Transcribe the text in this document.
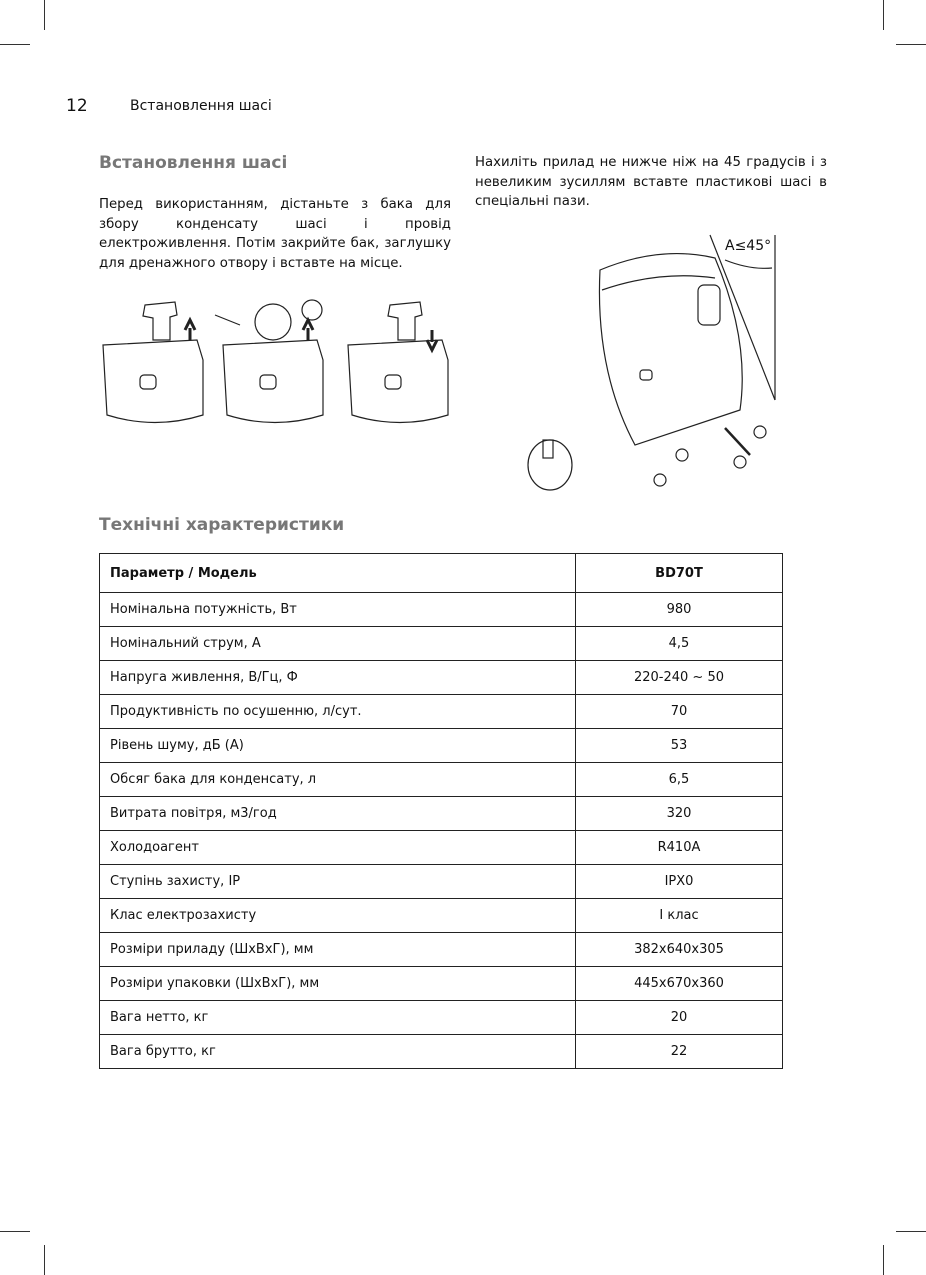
12	Встановлення шасі
Встановлення шасі
Перед використанням, дістаньте з бака для збору конденсату шасі і провід електроживлення. Потім закрийте бак, заглушку для дренажного отвору і вставте на місце.
Нахиліть прилад не нижче ніж на 45 градусів і з невеликим зусиллям вставте пластикові шасі в спеціальні пази.
A≤45°
Технічні характеристики
Параметр / Модель	BD70T
Номінальна потужність, Вт	980
Номінальний струм, А	4,5
Напруга живлення, В/Гц, Ф	220-240 ~ 50
Продуктивність по осушенню, л/сут.	70
Рівень шуму, дБ (А)	53
Обсяг бака для конденсату, л	6,5
Витрата повітря, м3/год	320
Холодоагент	R410A
Ступінь захисту, IP	IPX0
Клас електрозахисту	I клас
Розміри приладу (ШхВхГ), мм	382x640x305
Розміри упаковки (ШхВхГ), мм	445x670x360
Вага нетто, кг	20
Вага брутто, кг	22
